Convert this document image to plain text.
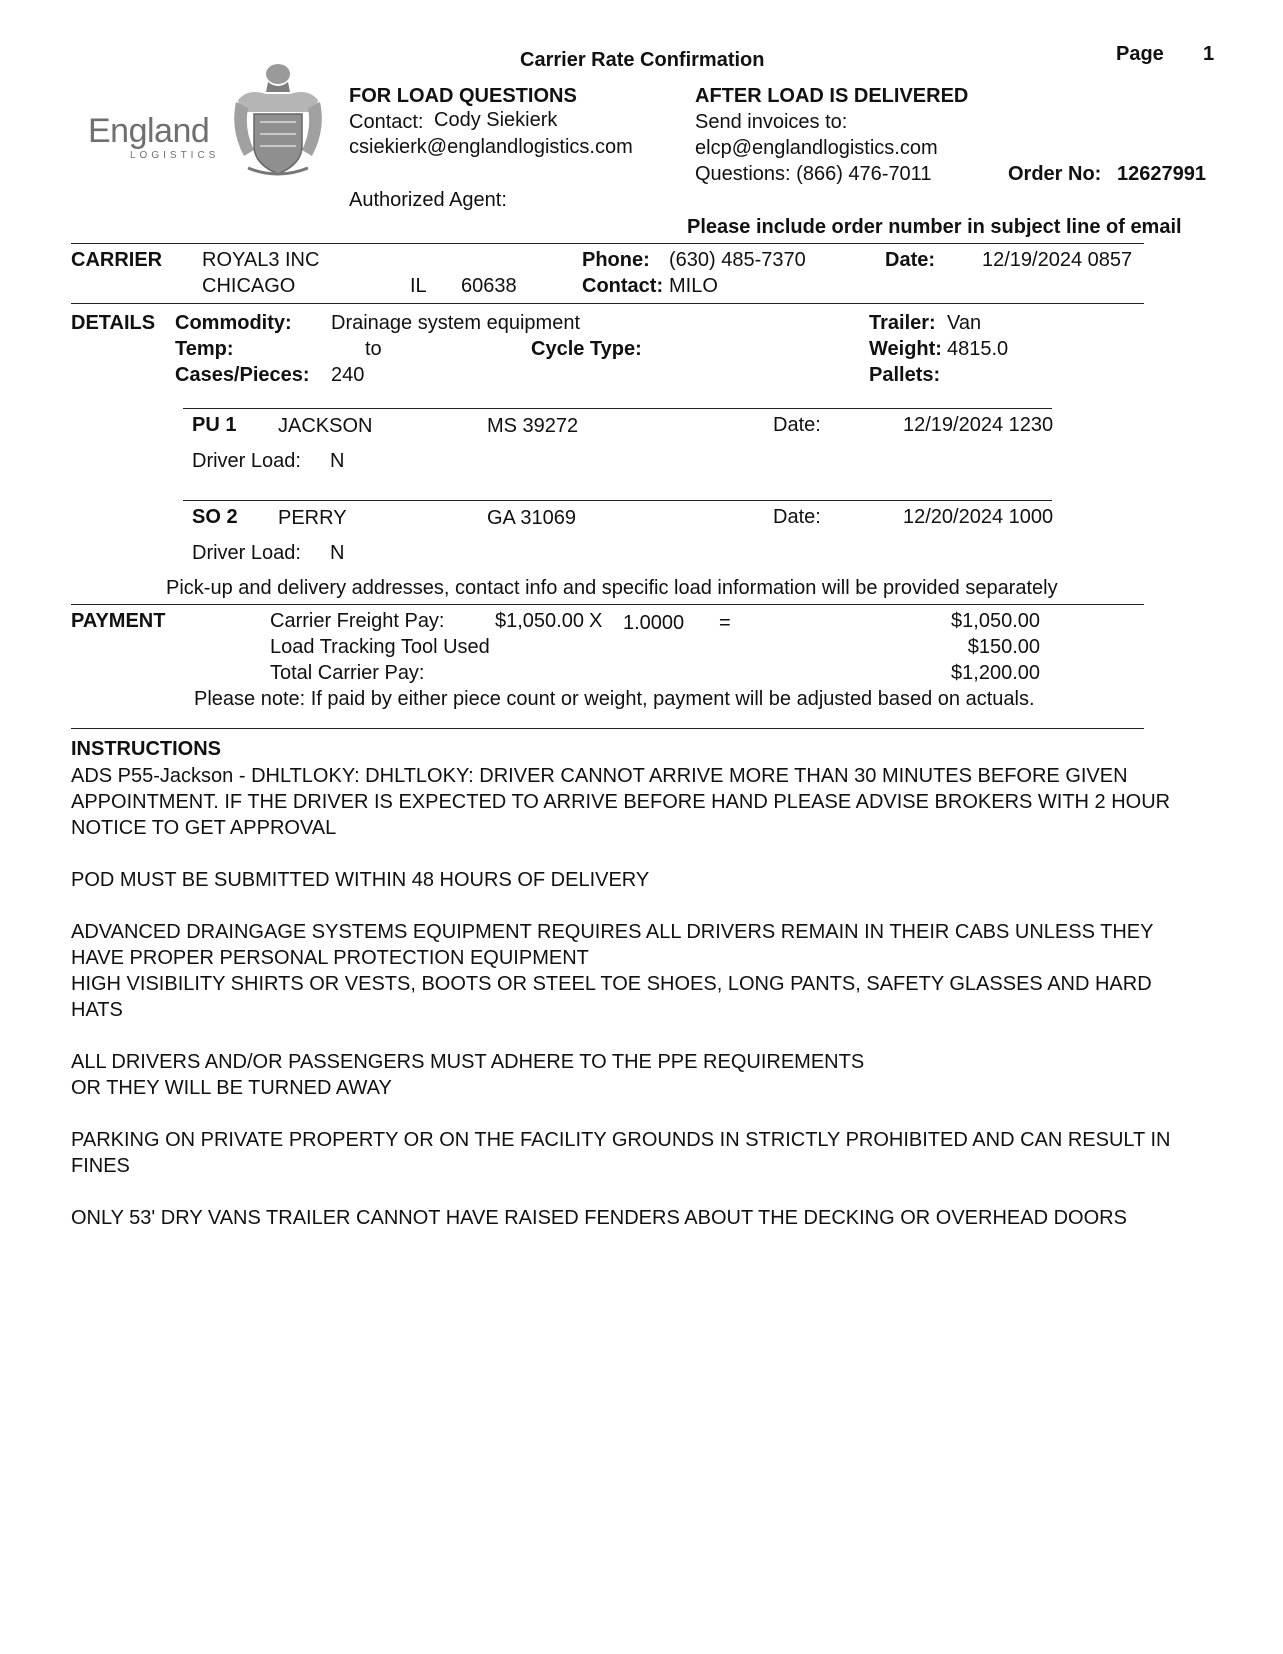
Carrier Rate Confirmation	Page 1
England
LOGISTICS
FOR LOAD QUESTIONS
Contact: Cody Siekierk
csiekierk@englandlogistics.com
Authorized Agent:
AFTER LOAD IS DELIVERED
Send invoices to:
elcp@englandlogistics.com
Questions: (866) 476-7011	Order No: 12627991
Please include order number in subject line of email
CARRIER ROYAL3 INC
CHICAGO	IL 60638
Phone: (630) 485-7370
Contact: MILO
Date: 12/19/2024 0857
DETAILS Commodity: Drainage system equipment
Temp:	to	Cycle Type:
Cases/Pieces: 240
Trailer: Van
Weight: 4815.0
Pallets:
PU 1 JACKSON	MS 39272	Date:	12/19/2024 1230
Driver Load: N
SO 2 PERRY	GA 31069	Date:	12/20/2024 1000
Driver Load: N
Pick-up and delivery addresses, contact info and specific load information will be provided separately
PAYMENT	Carrier Freight Pay:	$1,050.00 X 1.0000 =	$1,050.00
Load Tracking Tool Used	$150.00
Total Carrier Pay:	$1,200.00
Please note: If paid by either piece count or weight, payment will be adjusted based on actuals.
INSTRUCTIONS

ADS P55-Jackson - DHLTLOKY: DHLTLOKY: DRIVER CANNOT ARRIVE MORE THAN 30 MINUTES BEFORE GIVEN APPOINTMENT. IF THE DRIVER IS EXPECTED TO ARRIVE BEFORE HAND PLEASE ADVISE BROKERS WITH 2 HOUR NOTICE TO GET APPROVAL

POD MUST BE SUBMITTED WITHIN 48 HOURS OF DELIVERY

ADVANCED DRAINGAGE SYSTEMS EQUIPMENT REQUIRES ALL DRIVERS REMAIN IN THEIR CABS UNLESS THEY HAVE PROPER PERSONAL PROTECTION EQUIPMENT

HIGH VISIBILITY SHIRTS OR VESTS, BOOTS OR STEEL TOE SHOES, LONG PANTS, SAFETY GLASSES AND HARD HATS

ALL DRIVERS AND/OR PASSENGERS MUST ADHERE TO THE PPE REQUIREMENTS

OR THEY WILL BE TURNED AWAY

PARKING ON PRIVATE PROPERTY OR ON THE FACILITY GROUNDS IN STRICTLY PROHIBITED AND CAN RESULT IN FINES

ONLY 53' DRY VANS TRAILER CANNOT HAVE RAISED FENDERS ABOUT THE DECKING OR OVERHEAD DOORS
